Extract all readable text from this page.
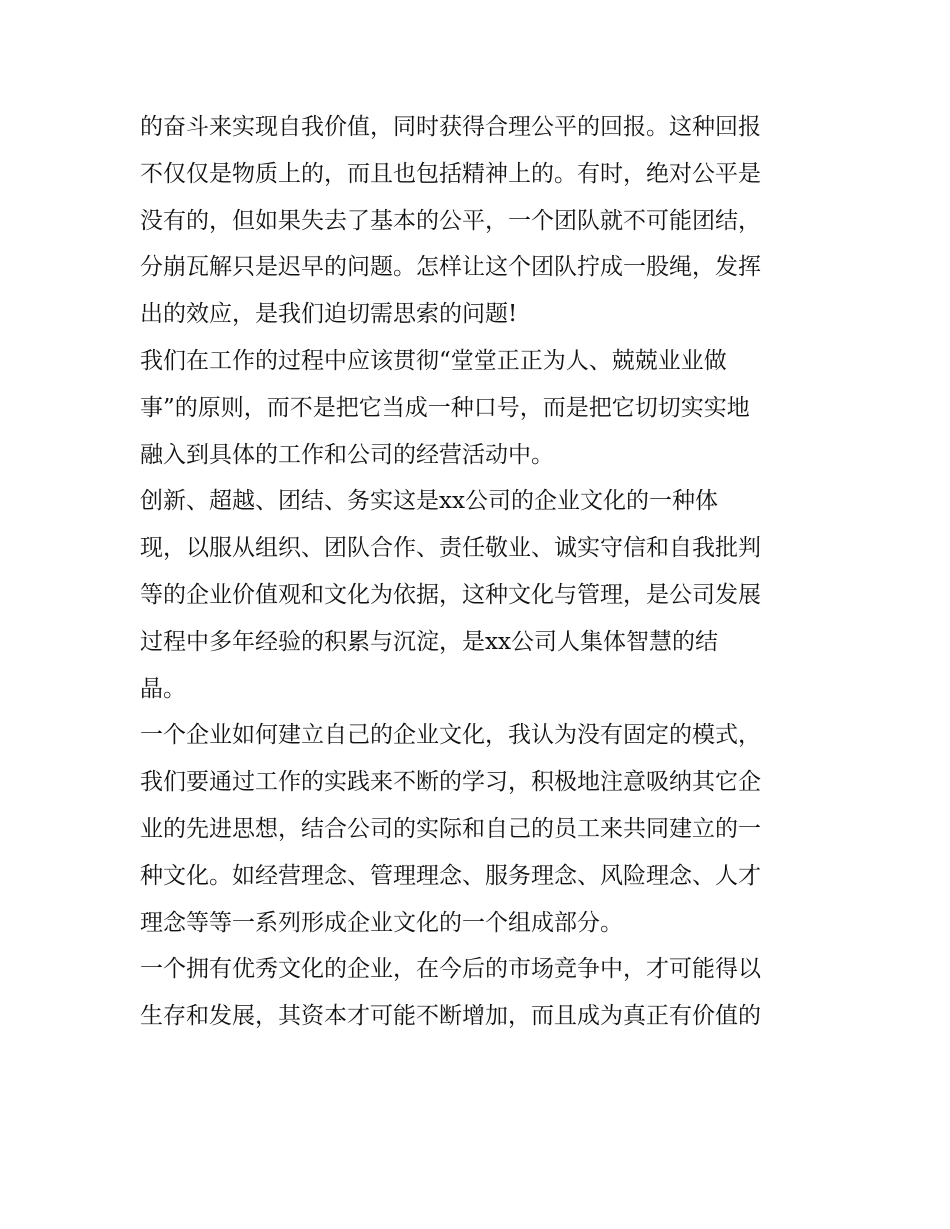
的奋斗来实现自我价值，同时获得合理公平的回报。这种回报
不仅仅是物质上的，而且也包括精神上的。有时，绝对公平是
没有的，但如果失去了基本的公平，一个团队就不可能团结，
分崩瓦解只是迟早的问题。怎样让这个团队拧成一股绳，发挥
出的效应，是我们迫切需思索的问题!
我们在工作的过程中应该贯彻“堂堂正正为人、兢兢业业做
事”的原则，而不是把它当成一种口号，而是把它切切实实地
融入到具体的工作和公司的经营活动中。
创新、超越、团结、务实这是xx公司的企业文化的一种体
现，以服从组织、团队合作、责任敬业、诚实守信和自我批判
等的企业价值观和文化为依据，这种文化与管理，是公司发展
过程中多年经验的积累与沉淀，是xx公司人集体智慧的结
晶。
一个企业如何建立自己的企业文化，我认为没有固定的模式，
我们要通过工作的实践来不断的学习，积极地注意吸纳其它企
业的先进思想，结合公司的实际和自己的员工来共同建立的一
种文化。如经营理念、管理理念、服务理念、风险理念、人才
理念等等一系列形成企业文化的一个组成部分。
一个拥有优秀文化的企业，在今后的市场竞争中，才可能得以
生存和发展，其资本才可能不断增加，而且成为真正有价值的
